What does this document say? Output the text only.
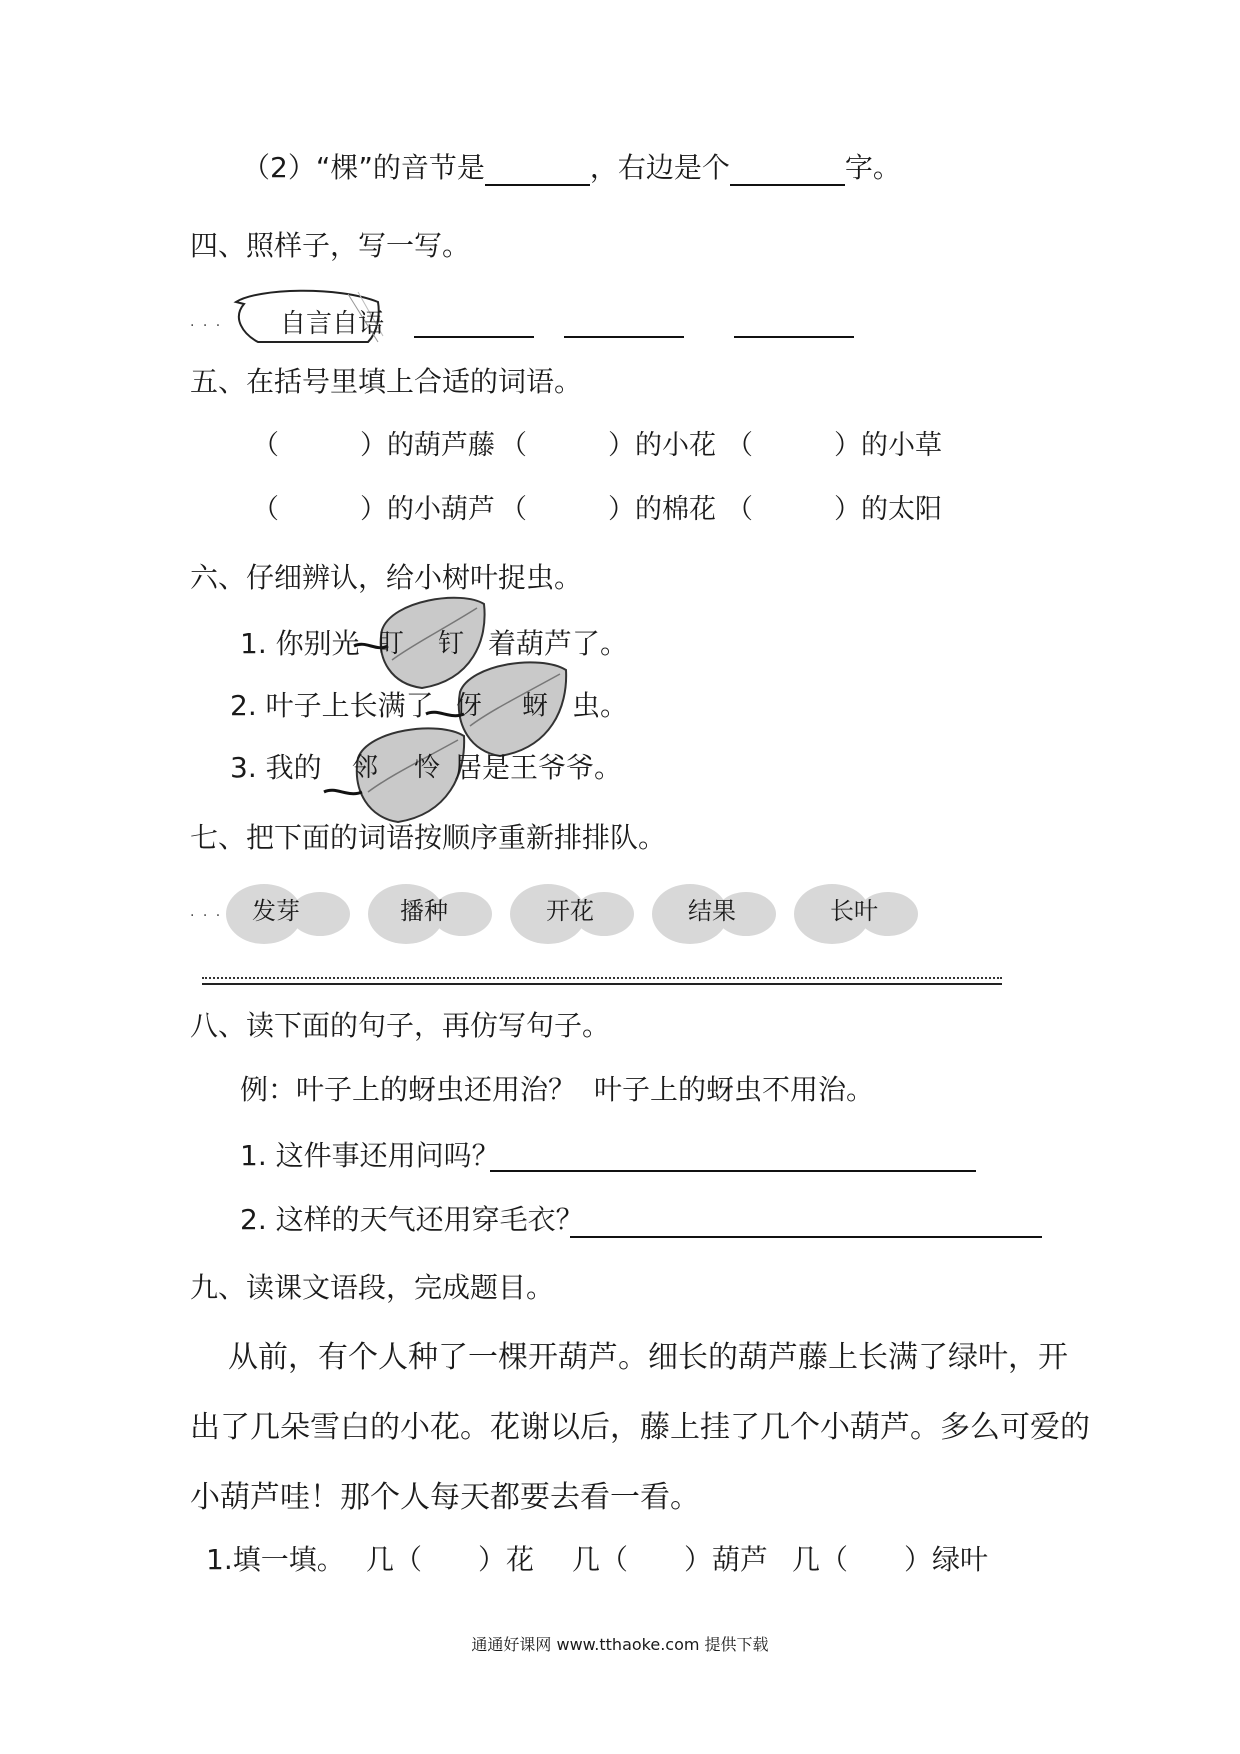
（2）“棵”的音节是	，右边是个	字。
四、照样子，写一写。
· · · 自言自语
五、在括号里填上合适的词语。
（　　　）的葫芦藤 （　　　）的小花 （　　　）的小草
（　　　）的小葫芦 （　　　）的棉花 （　　　）的太阳
六、仔细辨认，给小树叶捉虫。
1. 你别光 盯 钉 着葫芦了。
2. 叶子上长满了 伢 蚜 虫。
3. 我的 邻 怜 居是王爷爷。
七、把下面的词语按顺序重新排排队。
· · ·	发芽	播种	开花	结果	长叶
八、读下面的句子，再仿写句子。
例：叶子上的蚜虫还用治？ 叶子上的蚜虫不用治。
1. 这件事还用问吗？
2. 这样的天气还用穿毛衣？
九、读课文语段，完成题目。
从前，有个人种了一棵开葫芦。细长的葫芦藤上长满了绿叶，开
出了几朵雪白的小花。花谢以后，藤上挂了几个小葫芦。多么可爱的
小葫芦哇！那个人每天都要去看一看。
1.填一填。 几（　　）花 几（　　）葫芦 几（　　）绿叶
通通好课网 www.tthaoke.com 提供下载
